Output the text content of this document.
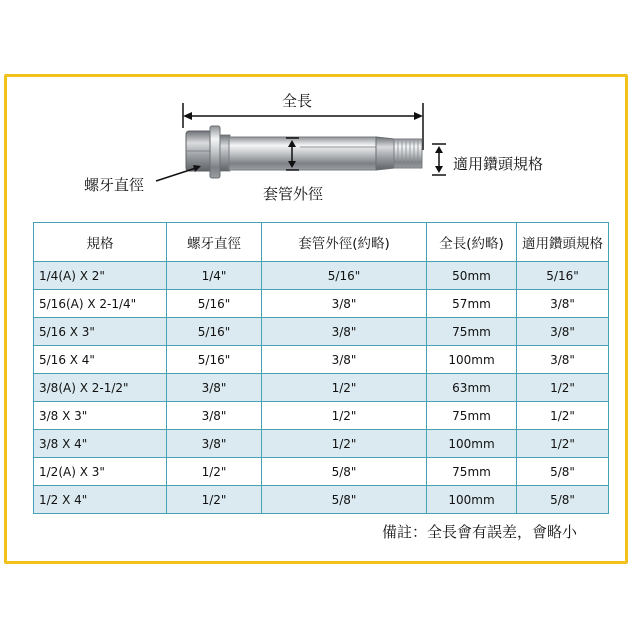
全長
螺牙直徑	套管外徑
適用鑽頭規格
規格	螺牙直徑	套管外徑(約略)	全長(約略)	適用鑽頭規格
1/4(A) X 2"	1/4"	5/16"	50mm	5/16"
5/16(A) X 2-1/4"	5/16"	3/8"	57mm	3/8"
5/16 X 3"	5/16"	3/8"	75mm	3/8"
5/16 X 4"	5/16"	3/8"	100mm	3/8"
3/8(A) X 2-1/2"	3/8"	1/2"	63mm	1/2"
3/8 X 3"	3/8"	1/2"	75mm	1/2"
3/8 X 4"	3/8"	1/2"	100mm	1/2"
1/2(A) X 3"	1/2"	5/8"	75mm	5/8"
1/2 X 4"	1/2"	5/8"	100mm	5/8"
備註：全長會有誤差，會略小
